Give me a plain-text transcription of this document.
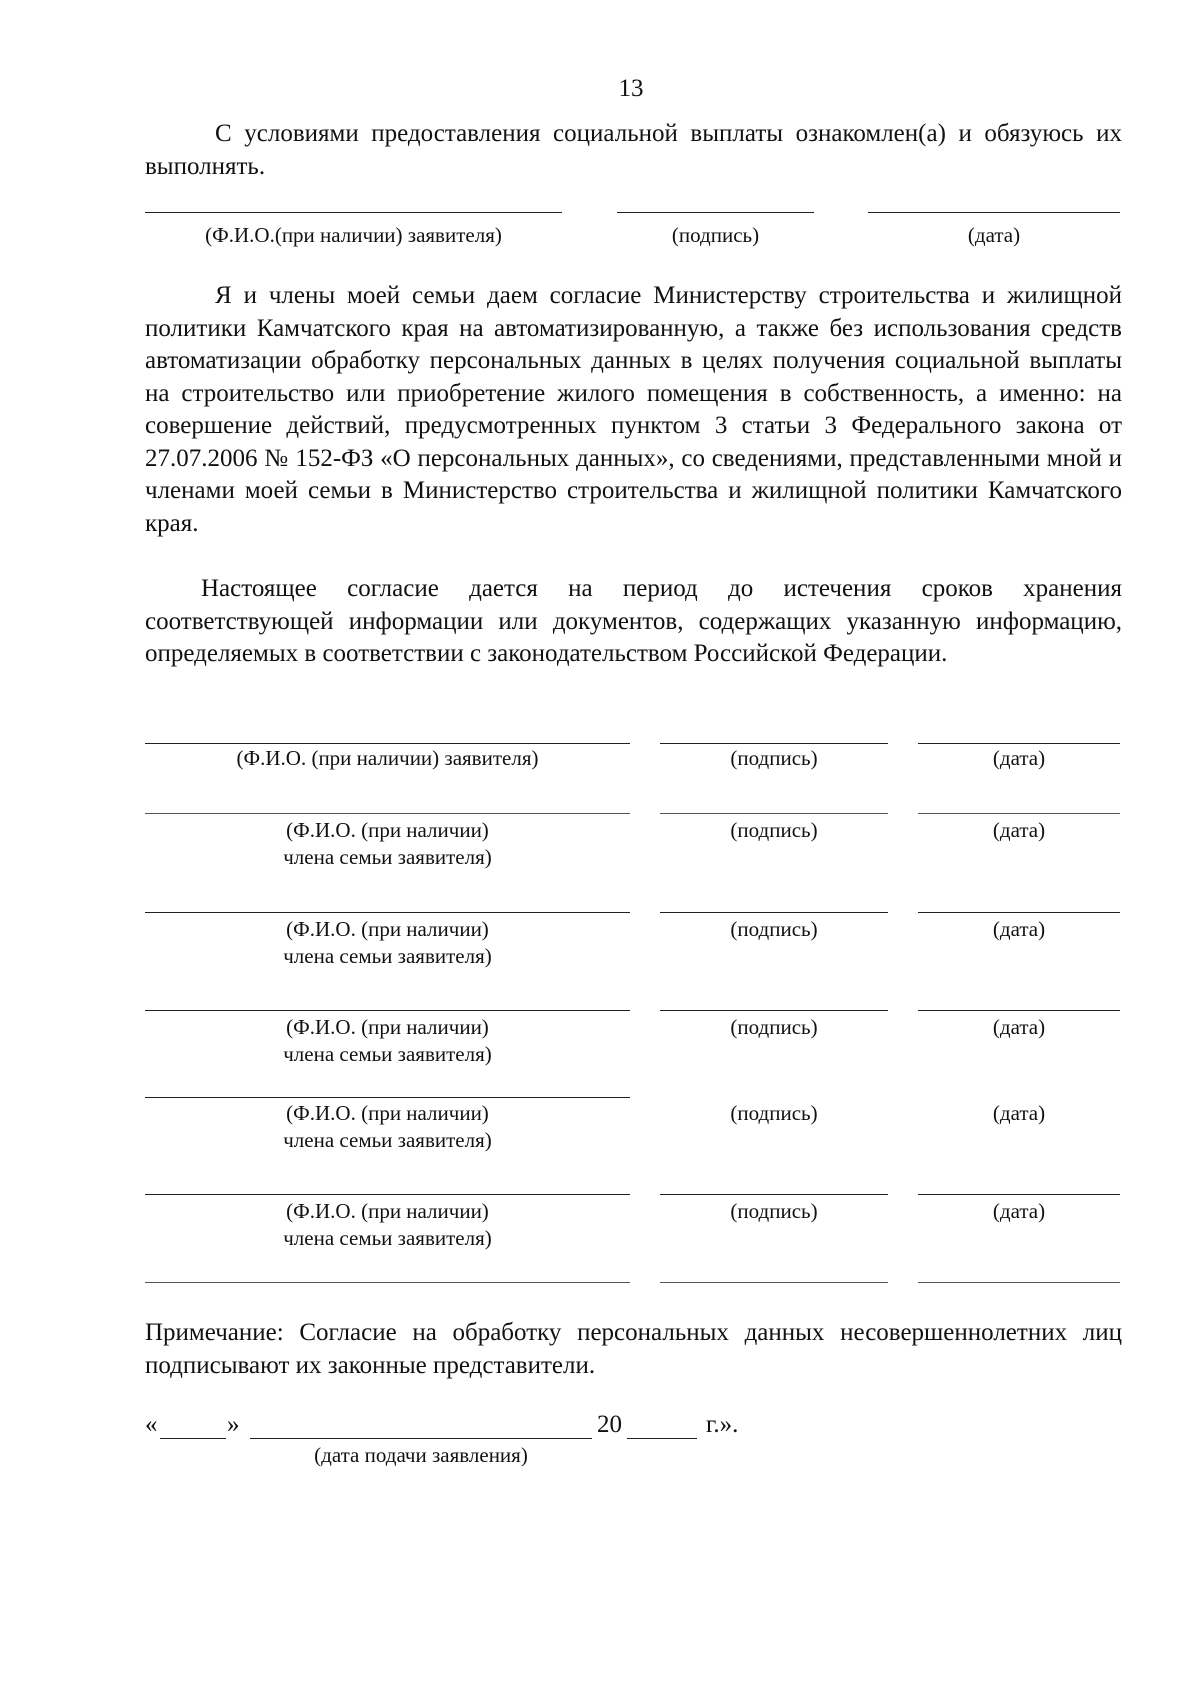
13

С условиями предоставления социальной выплаты ознакомлен(а) и обязуюсь их выполнять.

(Ф.И.О.(при наличии) заявителя)	(подпись)	(дата)

Я и члены моей семьи даем согласие Министерству строительства и жилищной политики Камчатского края на автоматизированную, а также без использования средств автоматизации обработку персональных данных в целях получения социальной выплаты на строительство или приобретение жилого помещения в собственность, а именно: на совершение действий, предусмотренных пунктом 3 статьи 3 Федерального закона от 27.07.2006 № 152-ФЗ «О персональных данных», со сведениями, представленными мной и членами моей семьи в Министерство строительства и жилищной политики Камчатского края.

Настоящее согласие дается на период до истечения сроков хранения соответствующей информации или документов, содержащих указанную информацию, определяемых в соответствии с законодательством Российской Федерации.

(Ф.И.О. (при наличии) заявителя)	(подпись)	(дата)
(Ф.И.О. (при наличии)
члена семьи заявителя)
(подпись)	(дата)
(Ф.И.О. (при наличии)
члена семьи заявителя)
(подпись)	(дата)
(Ф.И.О. (при наличии)
члена семьи заявителя)
(подпись)	(дата)
(Ф.И.О. (при наличии)
члена семьи заявителя)
(подпись)	(дата)
(Ф.И.О. (при наличии)
члена семьи заявителя)
(подпись)	(дата)

Примечание: Согласие на обработку персональных данных несовершеннолетних лиц подписывают их законные представители.

«	»	20	г.».
(дата подачи заявления)
